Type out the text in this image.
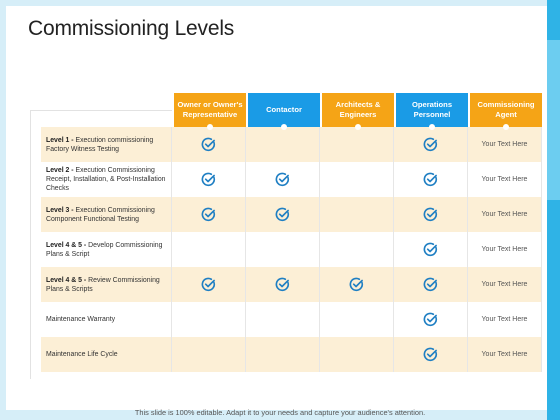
Commissioning Levels
	Owner or Owner's Representative	Contactor	Architects & Engineers	Operations Personnel	Commissioning Agent

Level 1 - Execution commissioning Factory Witness Testing					Your Text Here
Level 2 - Execution Commissioning Receipt, Installation, & Post-Installation Checks					Your Text Here
Level 3 - Execution Commissioning Component Functional Testing					Your Text Here
Level 4 & 5 - Develop Commissioning Plans & Script					Your Text Here
Level 4 & 5 - Review Commissioning Plans & Scripts					Your Text Here
Maintenance Warranty					Your Text Here
Maintenance Life Cycle					Your Text Here
This slide is 100% editable. Adapt it to your needs and capture your audience's attention.
